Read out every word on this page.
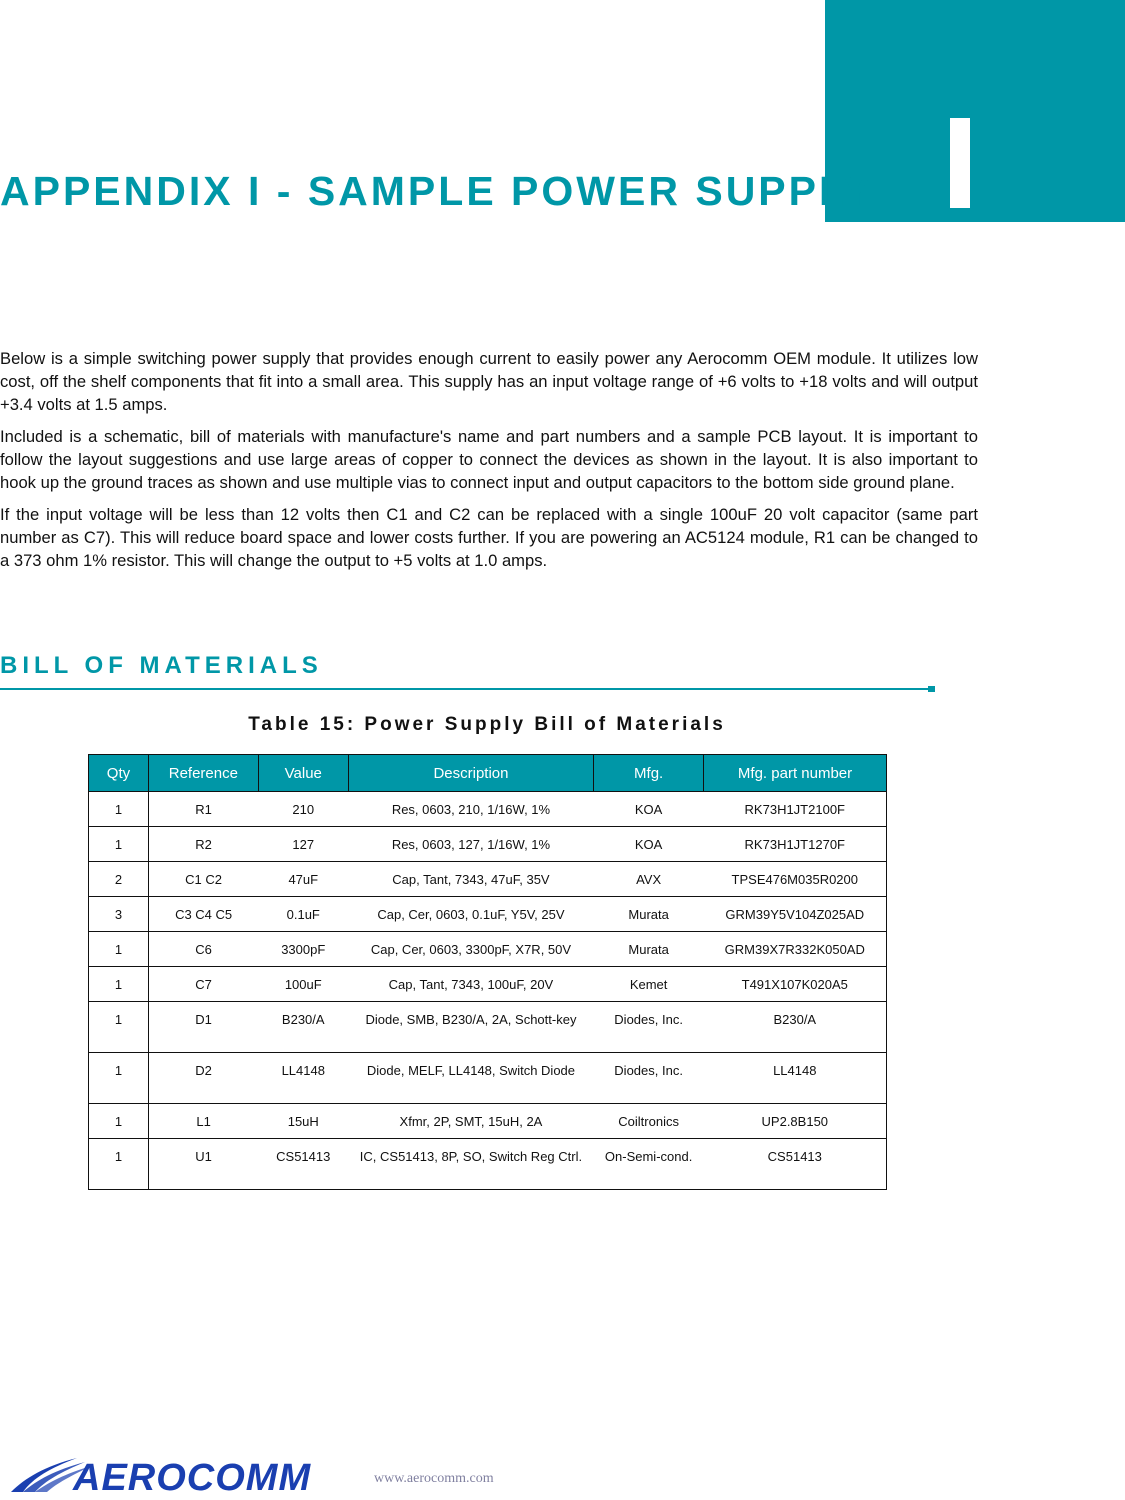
APPENDIX I - SAMPLE POWER SUPPLY

Below is a simple switching power supply that provides enough current to easily power any Aerocomm OEM module. It utilizes low cost, off the shelf components that fit into a small area. This supply has an input voltage range of +6 volts to +18 volts and will output +3.4 volts at 1.5 amps.

Included is a schematic, bill of materials with manufacture's name and part numbers and a sample PCB layout. It is important to follow the layout suggestions and use large areas of copper to connect the devices as shown in the layout. It is also important to hook up the ground traces as shown and use multiple vias to connect input and output capacitors to the bottom side ground plane.

If the input voltage will be less than 12 volts then C1 and C2 can be replaced with a single 100uF 20 volt capacitor (same part number as C7). This will reduce board space and lower costs further. If you are powering an AC5124 module, R1 can be changed to a 373 ohm 1% resistor. This will change the output to +5 volts at 1.0 amps.

BILL OF MATERIALS
Table 15: Power Supply Bill of Materials
Qty	Reference	Value	Description	Mfg.	Mfg. part number
1	R1	210	Res, 0603, 210, 1/16W, 1%	KOA	RK73H1JT2100F
1	R2	127	Res, 0603, 127, 1/16W, 1%	KOA	RK73H1JT1270F
2	C1 C2	47uF	Cap, Tant, 7343, 47uF, 35V	AVX	TPSE476M035R0200
3	C3 C4 C5	0.1uF	Cap, Cer, 0603, 0.1uF, Y5V, 25V	Murata	GRM39Y5V104Z025AD
1	C6	3300pF	Cap, Cer, 0603, 3300pF, X7R, 50V	Murata	GRM39X7R332K050AD
1	C7	100uF	Cap, Tant, 7343, 100uF, 20V	Kemet	T491X107K020A5
1	D1	B230/A	Diode, SMB, B230/A, 2A, Schott-key	Diodes, Inc.	B230/A
1	D2	LL4148	Diode, MELF, LL4148, Switch Diode	Diodes, Inc.	LL4148
1	L1	15uH	Xfmr, 2P, SMT, 15uH, 2A	Coiltronics	UP2.8B150
1	U1	CS51413	IC, CS51413, 8P, SO, Switch Reg Ctrl.	On-Semi-cond.	CS51413
AEROCOMM	www.aerocomm.com
